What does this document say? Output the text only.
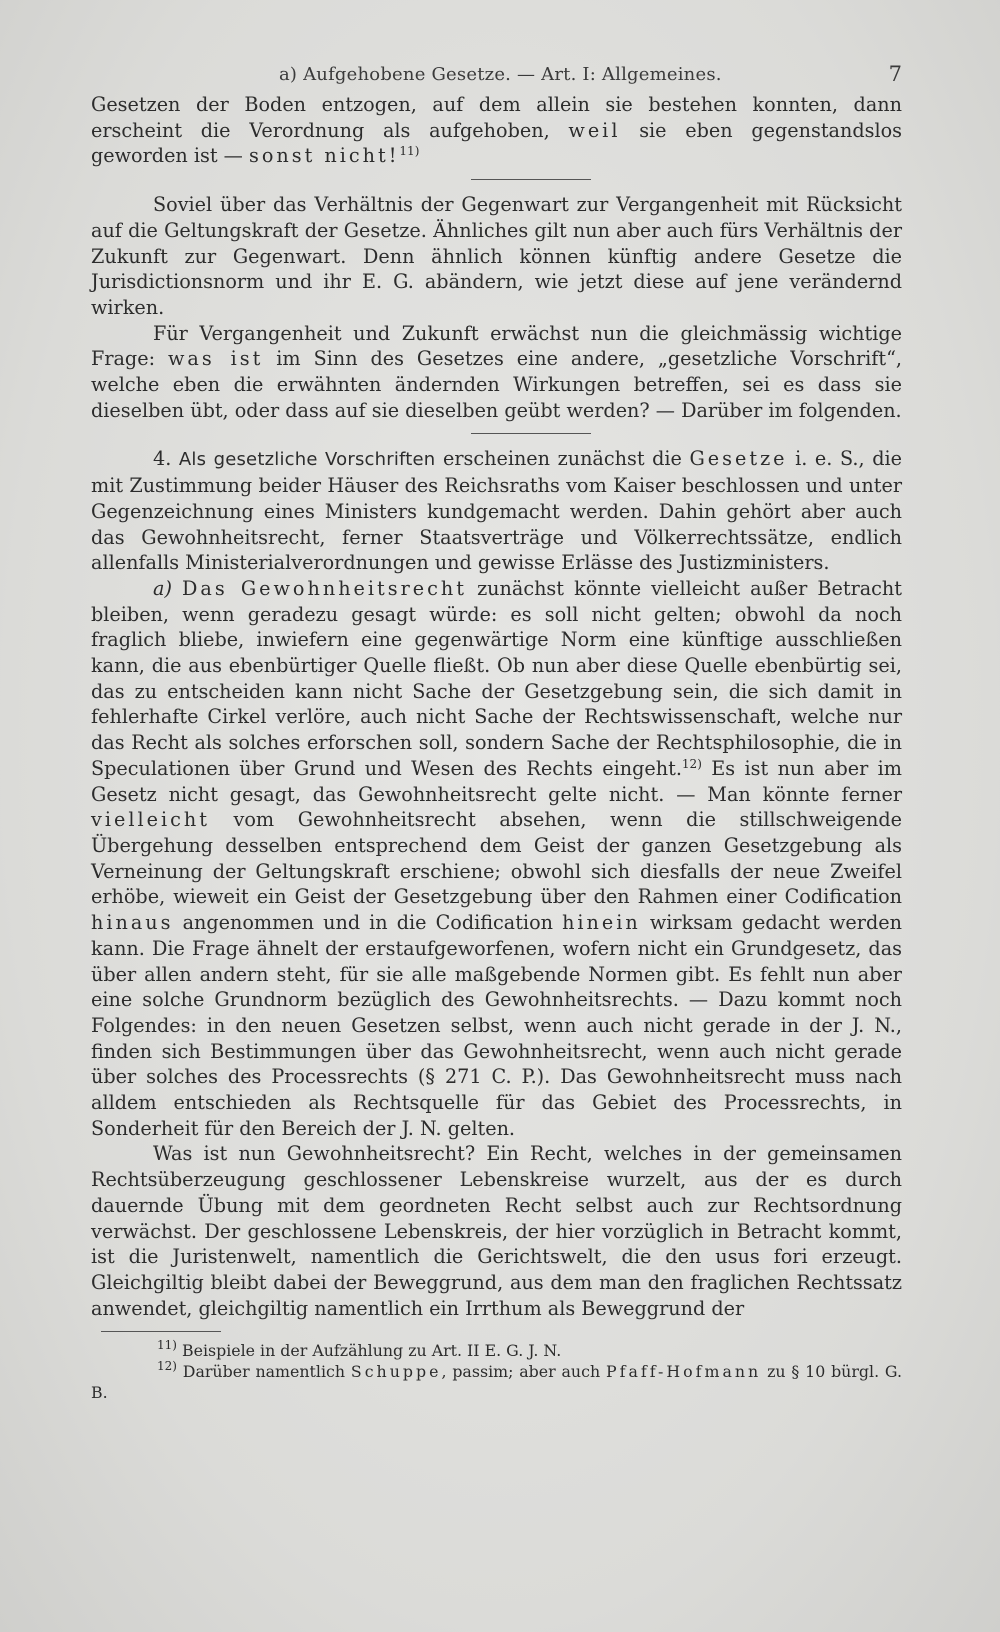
a) Aufgehobene Gesetze. — Art. I: Allgemeines.	7

Gesetzen der Boden entzogen, auf dem allein sie bestehen konnten, dann erscheint die Verordnung als aufgehoben, weil sie eben gegenstandslos geworden ist — sonst nicht!$^{11)}$

Soviel über das Verhältnis der Gegenwart zur Vergangenheit mit Rücksicht auf die Geltungskraft der Gesetze. Ähnliches gilt nun aber auch fürs Verhältnis der Zukunft zur Gegenwart. Denn ähnlich können künftig andere Gesetze die Jurisdictionsnorm und ihr E. G. abändern, wie jetzt diese auf jene verändernd wirken.

Für Vergangenheit und Zukunft erwächst nun die gleichmässig wichtige Frage: was ist im Sinn des Gesetzes eine andere, „gesetzliche Vorschrift“, welche eben die erwähnten ändernden Wirkungen betreffen, sei es dass sie dieselben übt, oder dass auf sie dieselben geübt werden? — Darüber im folgenden.

4. Als gesetzliche Vorschriften erscheinen zunächst die Gesetze i. e. S., die mit Zustimmung beider Häuser des Reichsraths vom Kaiser beschlossen und unter Gegenzeichnung eines Ministers kundgemacht werden. Dahin gehört aber auch das Gewohnheitsrecht, ferner Staatsverträge und Völkerrechtssätze, endlich allenfalls Ministerialverordnungen und gewisse Erlässe des Justizministers.

a) Das Gewohnheitsrecht zunächst könnte vielleicht außer Betracht bleiben, wenn geradezu gesagt würde: es soll nicht gelten; obwohl da noch fraglich bliebe, inwiefern eine gegenwärtige Norm eine künftige ausschließen kann, die aus ebenbürtiger Quelle fließt. Ob nun aber diese Quelle ebenbürtig sei, das zu entscheiden kann nicht Sache der Gesetzgebung sein, die sich damit in fehlerhafte Cirkel verlöre, auch nicht Sache der Rechtswissenschaft, welche nur das Recht als solches erforschen soll, sondern Sache der Rechtsphilosophie, die in Speculationen über Grund und Wesen des Rechts eingeht.$^{12)}$ Es ist nun aber im Gesetz nicht gesagt, das Gewohnheitsrecht gelte nicht. — Man könnte ferner vielleicht vom Gewohnheitsrecht absehen, wenn die stillschweigende Übergehung desselben entsprechend dem Geist der ganzen Gesetzgebung als Verneinung der Geltungskraft erschiene; obwohl sich diesfalls der neue Zweifel erhöbe, wieweit ein Geist der Gesetzgebung über den Rahmen einer Codification hinaus angenommen und in die Codification hinein wirksam gedacht werden kann. Die Frage ähnelt der erstaufgeworfenen, wofern nicht ein Grundgesetz, das über allen andern steht, für sie alle maßgebende Normen gibt. Es fehlt nun aber eine solche Grundnorm bezüglich des Gewohnheitsrechts. — Dazu kommt noch Folgendes: in den neuen Gesetzen selbst, wenn auch nicht gerade in der J. N., finden sich Bestimmungen über das Gewohnheitsrecht, wenn auch nicht gerade über solches des Processrechts (§ 271 C. P.). Das Gewohnheitsrecht muss nach alldem entschieden als Rechtsquelle für das Gebiet des Processrechts, in Sonderheit für den Bereich der J. N. gelten.

Was ist nun Gewohnheitsrecht? Ein Recht, welches in der gemeinsamen Rechtsüberzeugung geschlossener Lebenskreise wurzelt, aus der es durch dauernde Übung mit dem geordneten Recht selbst auch zur Rechtsordnung verwächst. Der geschlossene Lebenskreis, der hier vorzüglich in Betracht kommt, ist die Juristenwelt, namentlich die Gerichtswelt, die den usus fori erzeugt. Gleichgiltig bleibt dabei der Beweggrund, aus dem man den fraglichen Rechtssatz anwendet, gleichgiltig namentlich ein Irrthum als Beweggrund der

$^{11)}$ Beispiele in der Aufzählung zu Art. II E. G. J. N.

$^{12)}$ Darüber namentlich Schuppe, passim; aber auch Pfaff-Hofmann zu § 10 bürgl. G. B.
